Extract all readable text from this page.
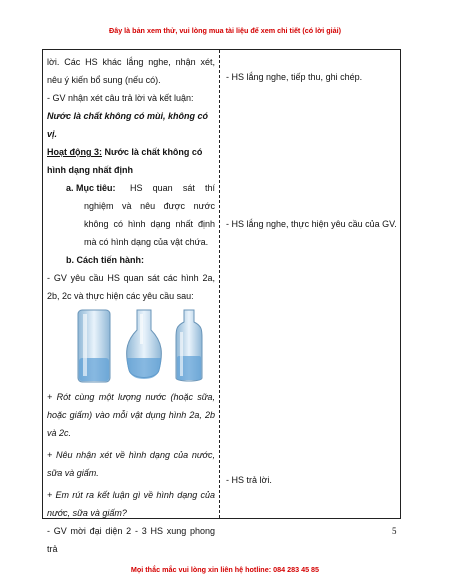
Đây là bản xem thử, vui lòng mua tài liệu để xem chi tiết (có lời giải)

lời. Các HS khác lắng nghe, nhận xét, nêu ý kiến bổ sung (nếu có).

- GV nhận xét câu trả lời và kết luận:

Nước là chất không có mùi, không có vị.

Hoạt động 3: Nước là chất không có hình dạng nhất định

a. Mục tiêu:	HS quan sát thí nghiệm và nêu được nước không có hình dạng nhất định mà có hình dạng của vật chứa.

b. Cách tiến hành:

- GV yêu cầu HS quan sát các hình 2a, 2b, 2c và thực hiện các yêu cầu sau:

+ Rót cùng một lượng nước (hoặc sữa, hoặc giấm) vào mỗi vật dụng hình 2a, 2b và 2c.

+ Nêu nhận xét về hình dạng của nước, sữa và giấm.

+ Em rút ra kết luận gì về hình dạng của nước, sữa và giấm?

- GV mời đại diện 2 - 3 HS xung phong trả

- HS lắng nghe, tiếp thu, ghi chép.
- HS lắng nghe, thực hiện yêu cầu của GV.
- HS trả lời.
5
Mọi thắc mắc vui lòng xin liên hệ hotline: 084 283 45 85
